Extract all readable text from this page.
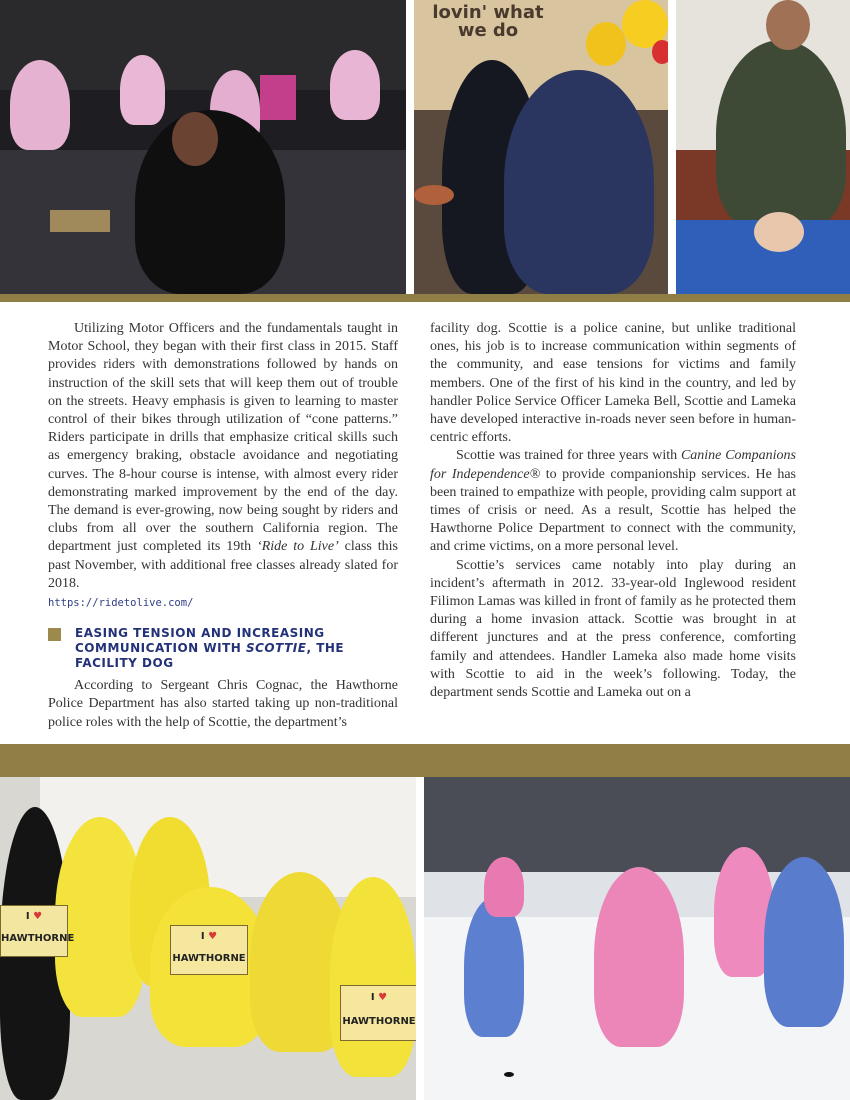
lovin' what we do

Utilizing Motor Officers and the fundamentals taught in Motor School, they began with their first class in 2015. Staff provides riders with demonstrations followed by hands on instruction of the skill sets that will keep them out of trouble on the streets. Heavy emphasis is given to learning to master control of their bikes through utilization of “cone patterns.” Riders participate in drills that emphasize critical skills such as emergency braking, obstacle avoidance and negotiating curves. The 8-hour course is intense, with almost every rider demonstrating marked improvement by the end of the day. The demand is ever-growing, now being sought by riders and clubs from all over the southern California region. The department just completed its 19th ‘Ride to Live’ class this past November, with additional free classes already slated for 2018.

https://ridetolive.com/
EASING TENSION AND INCREASING COMMUNICATION WITH SCOTTIE, THE FACILITY DOG

According to Sergeant Chris Cognac, the Hawthorne Police Department has also started taking up non-traditional police roles with the help of Scottie, the department’s

facility dog. Scottie is a police canine, but unlike traditional ones, his job is to increase communication within segments of the community, and ease tensions for victims and family members. One of the first of his kind in the country, and led by handler Police Service Officer Lameka Bell, Scottie and Lameka have developed interactive in-roads never seen before in human-centric efforts.

Scottie was trained for three years with Canine Companions for Independence® to provide companionship services. He has been trained to empathize with people, providing calm support at times of crisis or need. As a result, Scottie has helped the Hawthorne Police Department to connect with the community, and crime victims, on a more personal level.

Scottie’s services came notably into play during an incident’s aftermath in 2012. 33-year-old Inglewood resident Filimon Lamas was killed in front of family as he protected them during a home invasion attack. Scottie was brought in at different junctures and at the press conference, comforting family and attendees. Handler Lameka also made home visits with Scottie to aid in the week’s following. Today, the department sends Scottie and Lameka out on a

I ♥
HAWTHORNE	I ♥
HAWTHORNE
I ♥
HAWTHORNE
